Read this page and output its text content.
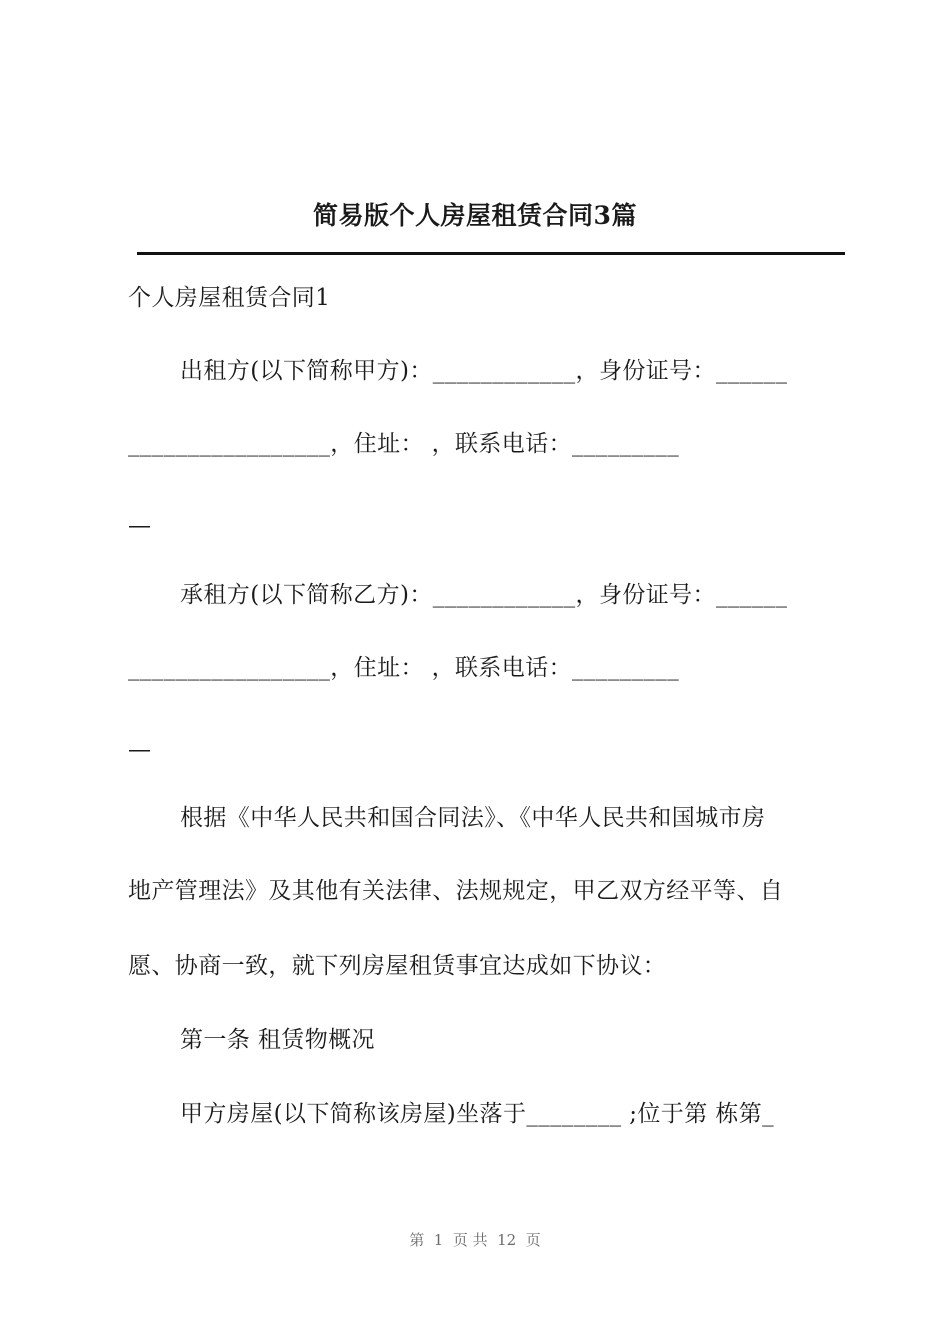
简易版个人房屋租赁合同3篇
个人房屋租赁合同1
出租方(以下简称甲方)：____________，身份证号：______
_________________，住址： ，联系电话：_________
—
承租方(以下简称乙方)：____________，身份证号：______
_________________，住址： ，联系电话：_________
—
根据《中华人民共和国合同法》、《中华人民共和国城市房
地产管理法》及其他有关法律、法规规定，甲乙双方经平等、自
愿、协商一致，就下列房屋租赁事宜达成如下协议：
第一条 租赁物概况
甲方房屋(以下简称该房屋)坐落于________ ;位于第 栋第_
第  1  页 共  12  页
